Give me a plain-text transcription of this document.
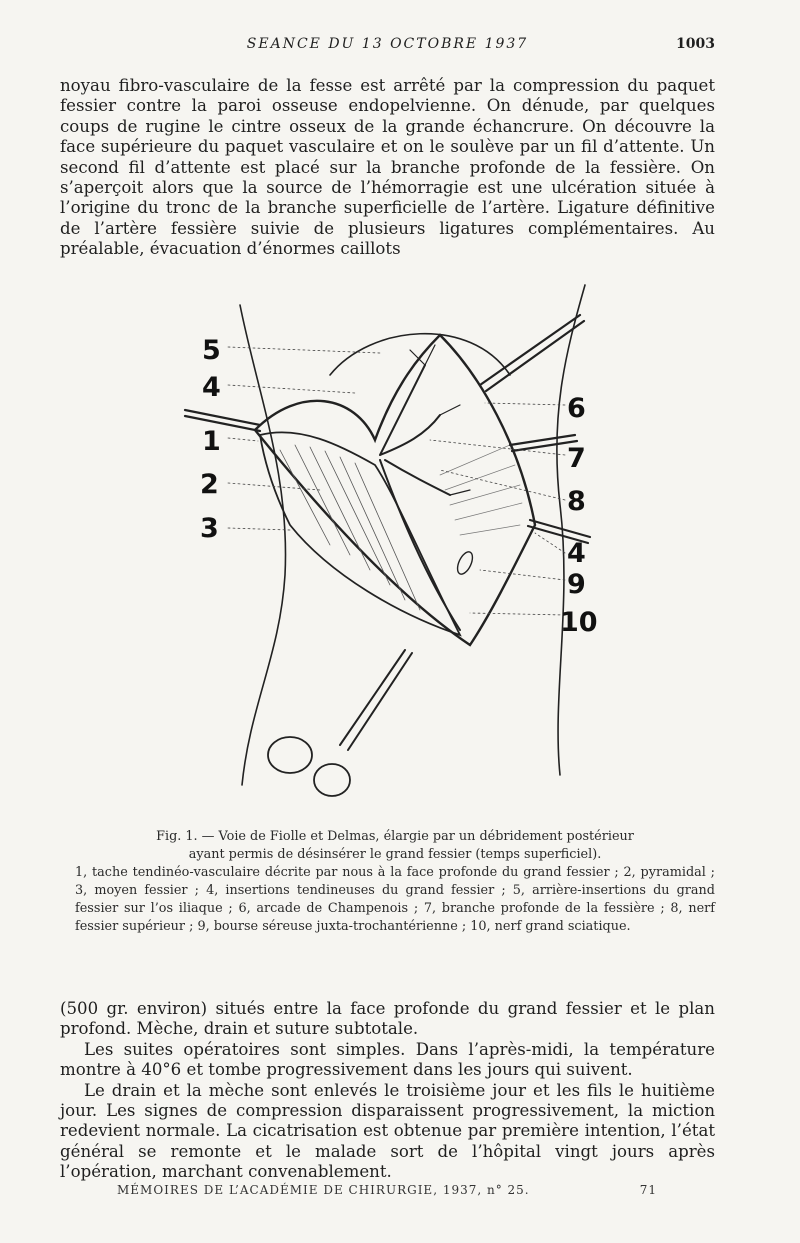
SEANCE DU 13 OCTOBRE 1937	1003

noyau fibro-vasculaire de la fesse est arrêté par la compression du paquet fessier contre la paroi osseuse endopelvienne. On dénude, par quelques coups de rugine le cintre osseux de la grande échancrure. On découvre la face supérieure du paquet vasculaire et on le soulève par un fil d’attente. Un second fil d’attente est placé sur la branche profonde de la fessière. On s’aperçoit alors que la source de l’hémorragie est une ulcération située à l’origine du tronc de la branche superficielle de l’artère. Ligature définitive de l’artère fessière suivie de plusieurs ligatures complémentaires. Au préalable, évacuation d’énormes caillots

5
4
1
2
3
6
7
8
4
9
10

Fig. 1. — Voie de Fiolle et Delmas, élargie par un débridement postérieur

ayant permis de désinsérer le grand fessier (temps superficiel).

1, tache tendinéo-vasculaire décrite par nous à la face profonde du grand fessier ; 2, pyramidal ; 3, moyen fessier ; 4, insertions tendineuses du grand fessier ; 5, arrière-insertions du grand fessier sur l’os iliaque ; 6, arcade de Champenois ; 7, branche profonde de la fessière ; 8, nerf fessier supérieur ; 9, bourse séreuse juxta-trochantérienne ; 10, nerf grand sciatique.

(500 gr. environ) situés entre la face profonde du grand fessier et le plan profond. Mèche, drain et suture subtotale.

Les suites opératoires sont simples. Dans l’après-midi, la température montre à 40°6 et tombe progressivement dans les jours qui suivent.

Le drain et la mèche sont enlevés le troisième jour et les fils le huitième jour. Les signes de compression disparaissent progressivement, la miction redevient normale. La cicatrisation est obtenue par première intention, l’état général se remonte et le malade sort de l’hôpital vingt jours après l’opération, marchant convenablement.

MÉMOIRES DE L’ACADÉMIE DE CHIRURGIE, 1937, n° 25.	71
